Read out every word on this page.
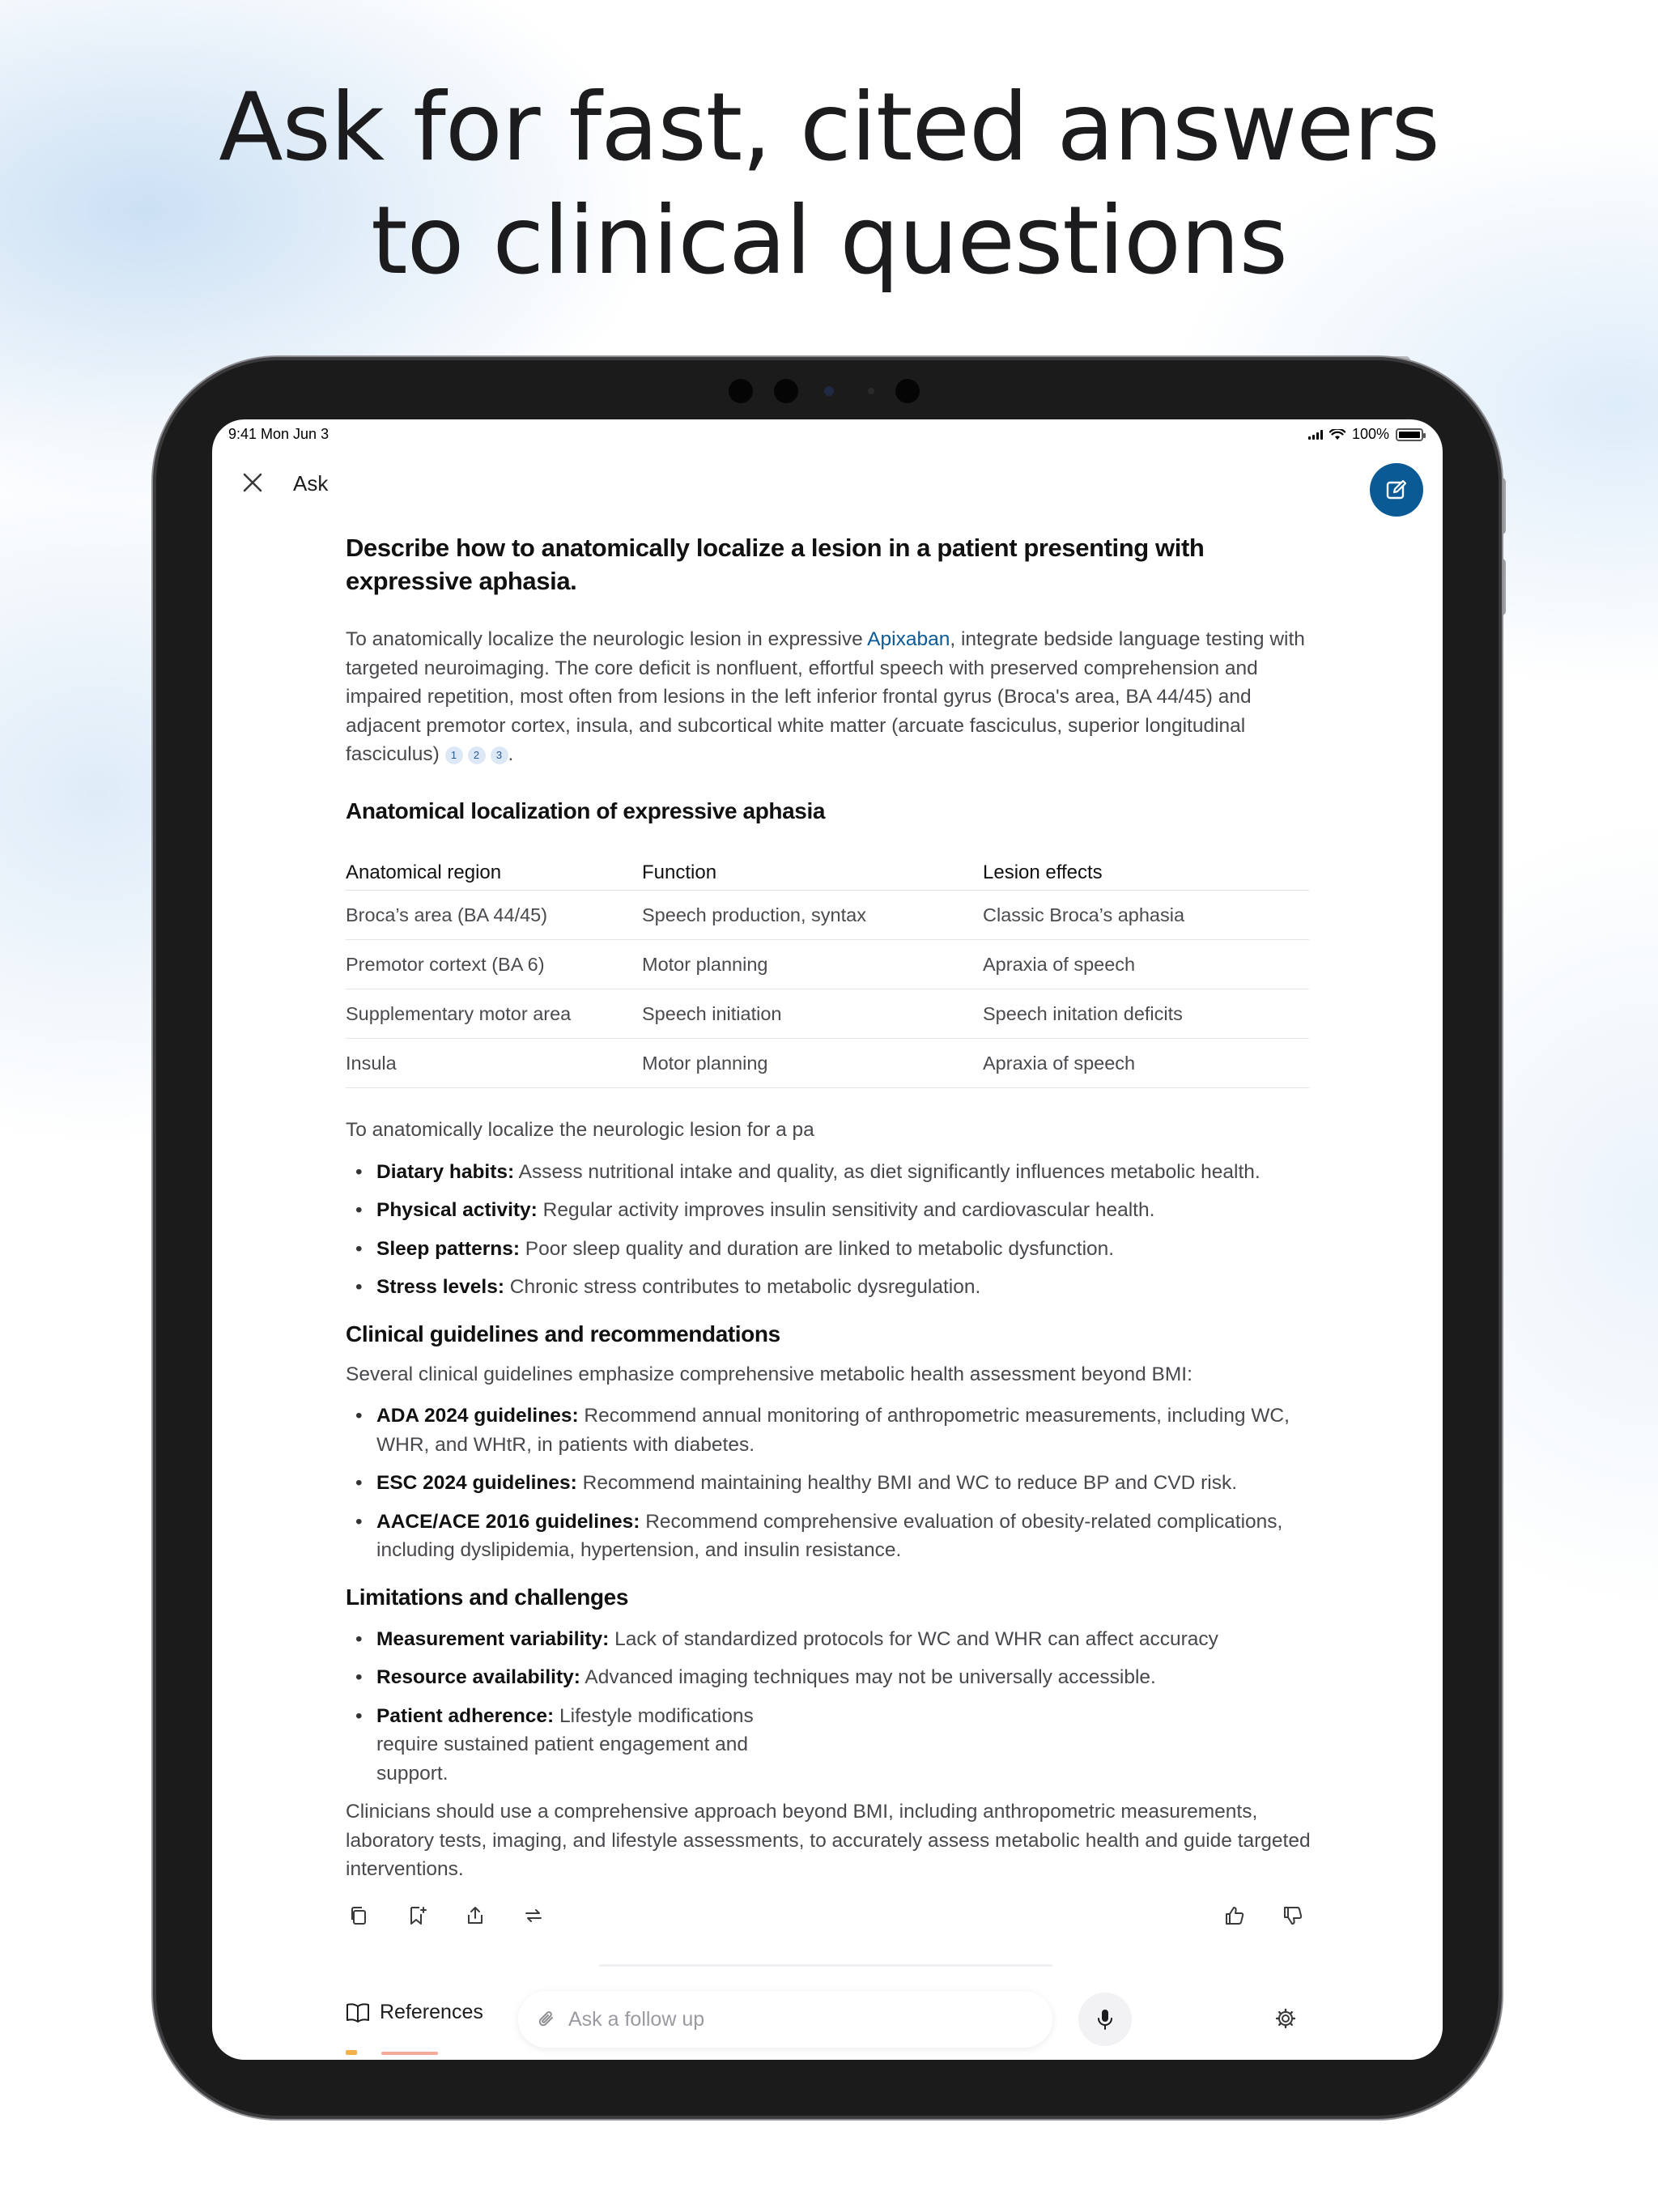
Ask for fast, cited answers
to clinical questions
9:41 Mon Jun 3	100%
Ask
Describe how to anatomically localize a lesion in a patient presenting with expressive aphasia.

To anatomically localize the neurologic lesion in expressive Apixaban, integrate bedside language testing with targeted neuroimaging. The core deficit is nonfluent, effortful speech with preserved comprehension and impaired repetition, most often from lesions in the left inferior frontal gyrus (Broca's area, BA 44/45) and adjacent premotor cortex, insula, and subcortical white matter (arcuate fasciculus, superior longitudinal fasciculus) 1 2 3 .

Anatomical localization of expressive aphasia
Anatomical region	Function	Lesion effects
Broca’s area (BA 44/45)	Speech production, syntax	Classic Broca’s aphasia
Premotor cortext (BA 6)	Motor planning	Apraxia of speech
Supplementary motor area	Speech initiation	Speech initation deficits
Insula	Motor planning	Apraxia of speech

To anatomically localize the neurologic lesion for a pa

• Diatary habits: Assess nutritional intake and quality, as diet significantly influences metabolic health.
• Physical activity: Regular activity improves insulin sensitivity and cardiovascular health.
• Sleep patterns: Poor sleep quality and duration are linked to metabolic dysfunction.
• Stress levels: Chronic stress contributes to metabolic dysregulation.
Clinical guidelines and recommendations

Several clinical guidelines emphasize comprehensive metabolic health assessment beyond BMI:

• ADA 2024 guidelines: Recommend annual monitoring of anthropometric measurements, including WC, WHR, and WHtR, in patients with diabetes.
• ESC 2024 guidelines: Recommend maintaining healthy BMI and WC to reduce BP and CVD risk.
• AACE/ACE 2016 guidelines: Recommend comprehensive evaluation of obesity-related complications, including dyslipidemia, hypertension, and insulin resistance.
Limitations and challenges
• Measurement variability: Lack of standardized protocols for WC and WHR can affect accuracy
• Resource availability: Advanced imaging techniques may not be universally accessible.
• Patient adherence: Lifestyle modifications require sustained patient engagement and support.

Clinicians should use a comprehensive approach beyond BMI, including anthropometric measurements, laboratory tests, imaging, and lifestyle assessments, to accurately assess metabolic health and guide targeted interventions.

References
Ask a follow up
